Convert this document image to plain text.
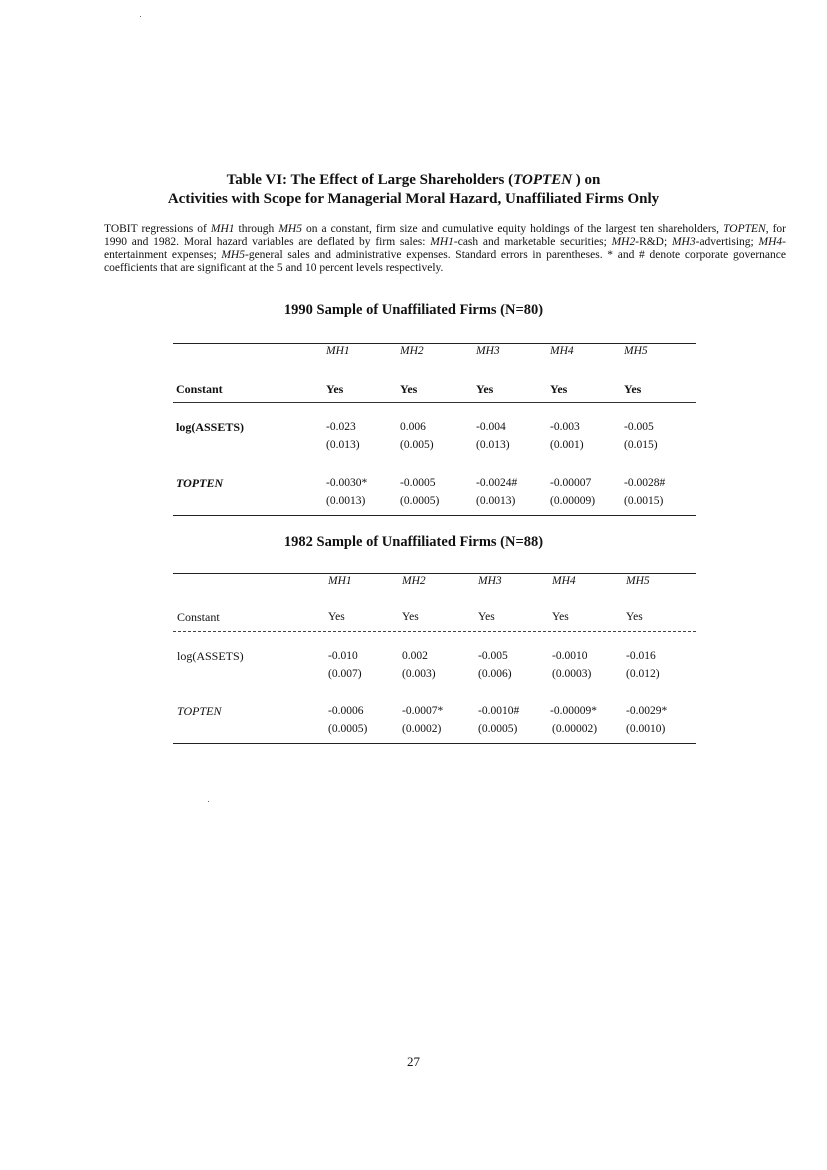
Table VI: The Effect of Large Shareholders (TOPTEN ) on
Activities with Scope for Managerial Moral Hazard, Unaffiliated Firms Only
TOBIT regressions of MH1 through MH5 on a constant, firm size and cumulative equity holdings of the largest ten shareholders, TOPTEN, for 1990 and 1982. Moral hazard variables are deflated by firm sales: MH1-cash and marketable securities; MH2-R&D; MH3-advertising; MH4-entertainment expenses; MH5-general sales and administrative expenses. Standard errors in parentheses. * and # denote corporate governance coefficients that are significant at the 5 and 10 percent levels respectively.
1990 Sample of Unaffiliated Firms (N=80)
MH1	MH2	MH3	MH4	MH5
Constant	Yes	Yes	Yes	Yes	Yes
log(ASSETS)	-0.023	0.006	-0.004	-0.003	-0.005
(0.013)	(0.005)	(0.013)	(0.001)	(0.015)
TOPTEN	-0.0030*	-0.0005	-0.0024#	-0.00007	-0.0028#
(0.0013)	(0.0005)	(0.0013)	(0.00009)	(0.0015)
1982 Sample of Unaffiliated Firms (N=88)
MH1	MH2	MH3	MH4	MH5
Constant	Yes	Yes	Yes	Yes	Yes
log(ASSETS)	-0.010	0.002	-0.005	-0.0010	-0.016
(0.007)	(0.003)	(0.006)	(0.0003)	(0.012)
TOPTEN	-0.0006	-0.0007*	-0.0010#	-0.00009*	-0.0029*
(0.0005)	(0.0002)	(0.0005)	(0.00002)	(0.0010)
27
